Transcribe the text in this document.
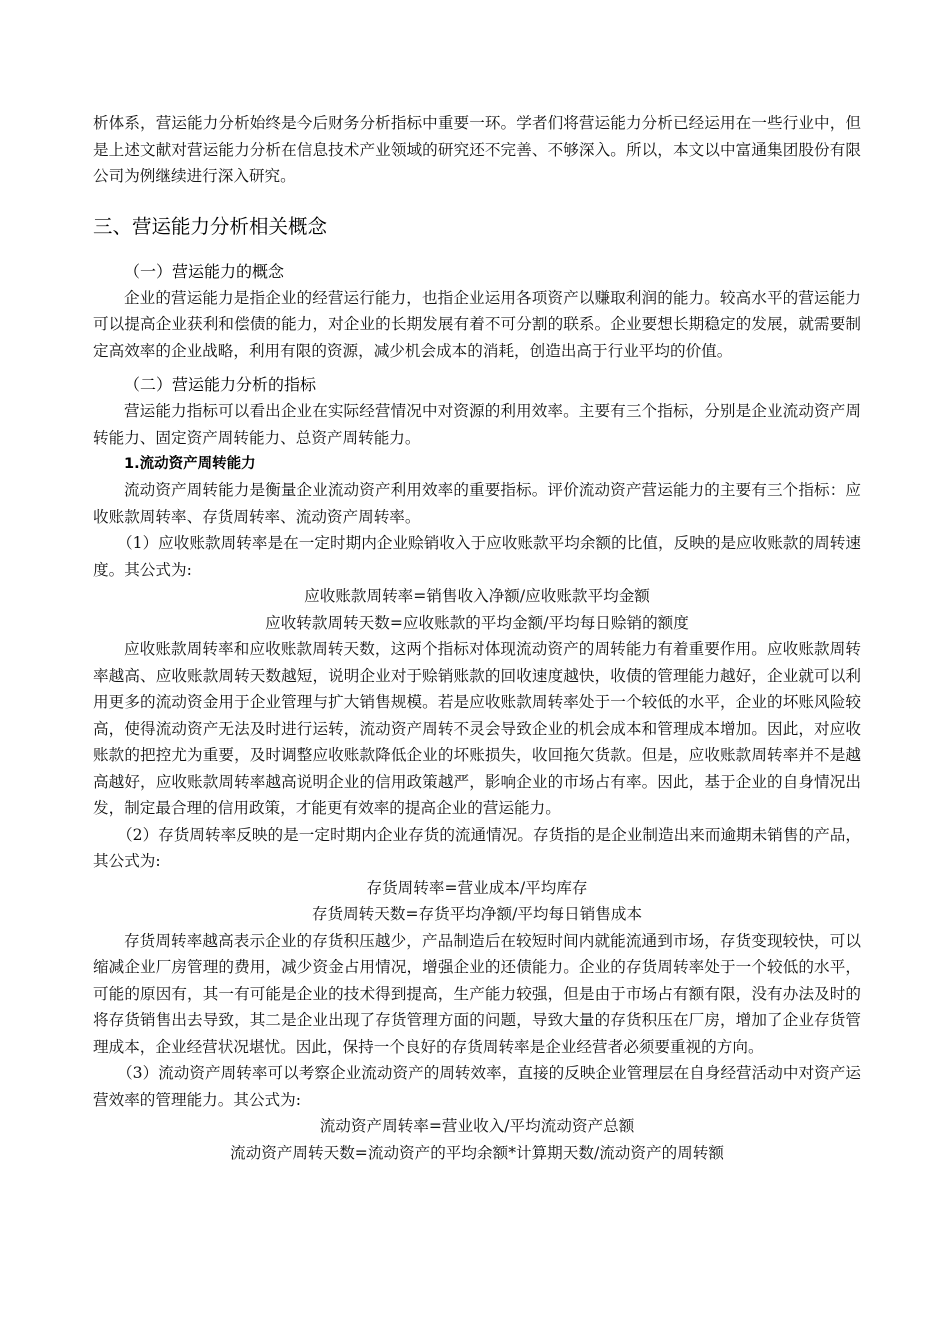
析体系，营运能力分析始终是今后财务分析指标中重要一环。学者们将营运能力分析已经运用在一些行业中，但是上述文献对营运能力分析在信息技术产业领域的研究还不完善、不够深入。所以，本文以中富通集团股份有限公司为例继续进行深入研究。

三、营运能力分析相关概念
（一）营运能力的概念

企业的营运能力是指企业的经营运行能力，也指企业运用各项资产以赚取利润的能力。较高水平的营运能力可以提高企业获利和偿债的能力，对企业的长期发展有着不可分割的联系。企业要想长期稳定的发展，就需要制定高效率的企业战略，利用有限的资源，减少机会成本的消耗，创造出高于行业平均的价值。

（二）营运能力分析的指标

营运能力指标可以看出企业在实际经营情况中对资源的利用效率。主要有三个指标，分别是企业流动资产周转能力、固定资产周转能力、总资产周转能力。

1.流动资产周转能力

流动资产周转能力是衡量企业流动资产利用效率的重要指标。评价流动资产营运能力的主要有三个指标：应收账款周转率、存货周转率、流动资产周转率。

（1）应收账款周转率是在一定时期内企业赊销收入于应收账款平均余额的比值，反映的是应收账款的周转速度。其公式为:

应收账款周转率=销售收入净额/应收账款平均金额

应收转款周转天数=应收账款的平均金额/平均每日赊销的额度

应收账款周转率和应收账款周转天数，这两个指标对体现流动资产的周转能力有着重要作用。应收账款周转率越高、应收账款周转天数越短，说明企业对于赊销账款的回收速度越快，收债的管理能力越好，企业就可以利用更多的流动资金用于企业管理与扩大销售规模。若是应收账款周转率处于一个较低的水平，企业的坏账风险较高，使得流动资产无法及时进行运转，流动资产周转不灵会导致企业的机会成本和管理成本增加。因此，对应收账款的把控尤为重要，及时调整应收账款降低企业的坏账损失，收回拖欠货款。但是，应收账款周转率并不是越高越好，应收账款周转率越高说明企业的信用政策越严，影响企业的市场占有率。因此，基于企业的自身情况出发，制定最合理的信用政策，才能更有效率的提高企业的营运能力。

（2）存货周转率反映的是一定时期内企业存货的流通情况。存货指的是企业制造出来而逾期未销售的产品，其公式为:

存货周转率=营业成本/平均库存

存货周转天数=存货平均净额/平均每日销售成本

存货周转率越高表示企业的存货积压越少，产品制造后在较短时间内就能流通到市场，存货变现较快，可以缩减企业厂房管理的费用，减少资金占用情况，增强企业的还债能力。企业的存货周转率处于一个较低的水平，可能的原因有，其一有可能是企业的技术得到提高，生产能力较强，但是由于市场占有额有限，没有办法及时的将存货销售出去导致，其二是企业出现了存货管理方面的问题，导致大量的存货积压在厂房，增加了企业存货管理成本，企业经营状况堪忧。因此，保持一个良好的存货周转率是企业经营者必须要重视的方向。

（3）流动资产周转率可以考察企业流动资产的周转效率，直接的反映企业管理层在自身经营活动中对资产运营效率的管理能力。其公式为:

流动资产周转率=营业收入/平均流动资产总额

流动资产周转天数=流动资产的平均余额*计算期天数/流动资产的周转额
